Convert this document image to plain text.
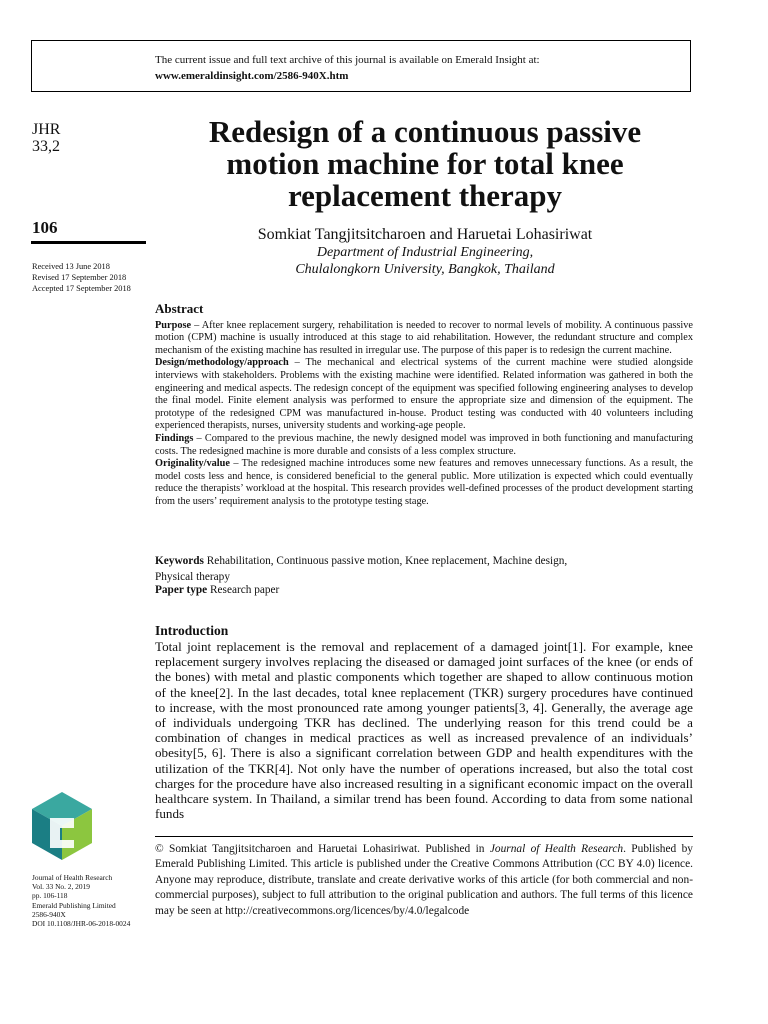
The current issue and full text archive of this journal is available on Emerald Insight at:
www.emeraldinsight.com/2586-940X.htm
JHR
33,2
106
Received 13 June 2018
Revised 17 September 2018
Accepted 17 September 2018
Journal of Health Research
Vol. 33 No. 2, 2019
pp. 106-118
Emerald Publishing Limited
2586-940X
DOI 10.1108/JHR-06-2018-0024
Redesign of a continuous passive
motion machine for total knee
replacement therapy
Somkiat Tangjitsitcharoen and Haruetai Lohasiriwat
Department of Industrial Engineering,
Chulalongkorn University, Bangkok, Thailand
Abstract

Purpose – After knee replacement surgery, rehabilitation is needed to recover to normal levels of mobility. A continuous passive motion (CPM) machine is usually introduced at this stage to aid rehabilitation. However, the redundant structure and complex mechanism of the existing machine has resulted in irregular use. The purpose of this paper is to redesign the current machine.

Design/methodology/approach – The mechanical and electrical systems of the current machine were studied alongside interviews with stakeholders. Problems with the existing machine were identified. Related information was gathered in both the engineering and medical aspects. The redesign concept of the equipment was specified following engineering analyses to develop the final model. Finite element analysis was performed to ensure the appropriate size and dimension of the equipment. The prototype of the redesigned CPM was manufactured in-house. Product testing was conducted with 40 volunteers including experienced therapists, nurses, university students and working-age people.

Findings – Compared to the previous machine, the newly designed model was improved in both functioning and manufacturing costs. The redesigned machine is more durable and consists of a less complex structure.

Originality/value – The redesigned machine introduces some new features and removes unnecessary functions. As a result, the model costs less and hence, is considered beneficial to the general public. More utilization is expected which could eventually reduce the therapists’ workload at the hospital. This research provides well-defined processes of the product development starting from the users’ requirement analysis to the prototype testing stage.

Keywords Rehabilitation, Continuous passive motion, Knee replacement, Machine design,
Physical therapy
Paper type Research paper
Introduction

Total joint replacement is the removal and replacement of a damaged joint[1]. For example, knee replacement surgery involves replacing the diseased or damaged joint surfaces of the knee (or ends of the bones) with metal and plastic components which together are shaped to allow continuous motion of the knee[2]. In the last decades, total knee replacement (TKR) surgery procedures have continued to increase, with the most pronounced rate among younger patients[3, 4]. Generally, the average age of individuals undergoing TKR has declined. The underlying reason for this trend could be a combination of changes in medical practices as well as increased prevalence of an individuals’ obesity[5, 6]. There is also a significant correlation between GDP and health expenditures with the utilization of the TKR[4]. Not only have the number of operations increased, but also the total cost charges for the procedure have also increased resulting in a significant economic impact on the overall healthcare system. In Thailand, a similar trend has been found. According to data from some national funds

© Somkiat Tangjitsitcharoen and Haruetai Lohasiriwat. Published in Journal of Health Research. Published by Emerald Publishing Limited. This article is published under the Creative Commons Attribution (CC BY 4.0) licence. Anyone may reproduce, distribute, translate and create derivative works of this article (for both commercial and non-commercial purposes), subject to full attribution to the original publication and authors. The full terms of this licence may be seen at http://creativecommons.org/licences/by/4.0/legalcode
